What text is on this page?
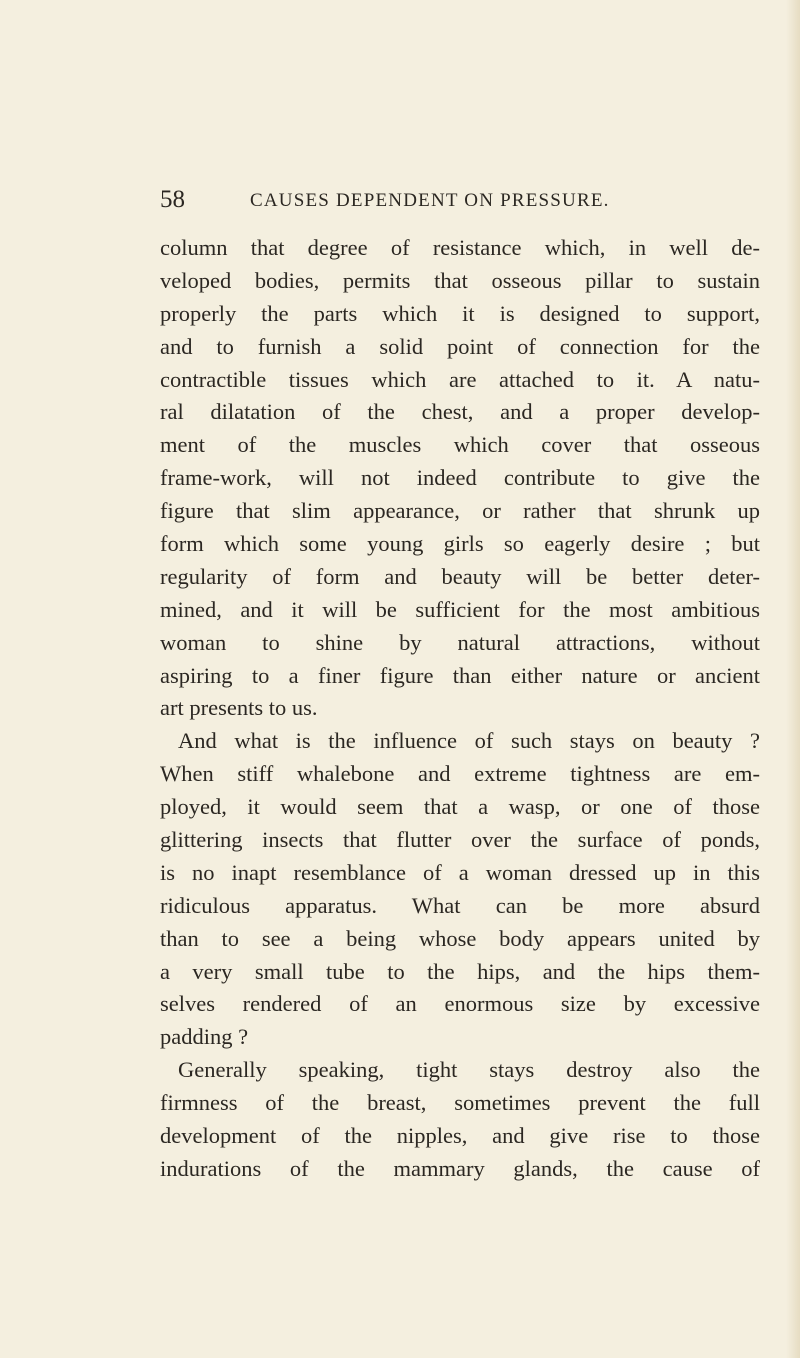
58	CAUSES DEPENDENT ON PRESSURE.
column that degree of resistance which, in well de-
veloped bodies, permits that osseous pillar to sustain
properly the parts which it is designed to support,
and to furnish a solid point of connection for the
contractible tissues which are attached to it. A natu-
ral dilatation of the chest, and a proper develop-
ment of the muscles which cover that osseous
frame-work, will not indeed contribute to give the
figure that slim appearance, or rather that shrunk up
form which some young girls so eagerly desire ; but
regularity of form and beauty will be better deter-
mined, and it will be sufficient for the most ambitious
woman to shine by natural attractions, without
aspiring to a finer figure than either nature or ancient
art presents to us.
And what is the influence of such stays on beauty ?
When stiff whalebone and extreme tightness are em-
ployed, it would seem that a wasp, or one of those
glittering insects that flutter over the surface of ponds,
is no inapt resemblance of a woman dressed up in this
ridiculous apparatus. What can be more absurd
than to see a being whose body appears united by
a very small tube to the hips, and the hips them-
selves rendered of an enormous size by excessive
padding ?
Generally speaking, tight stays destroy also the
firmness of the breast, sometimes prevent the full
development of the nipples, and give rise to those
indurations of the mammary glands, the cause of
